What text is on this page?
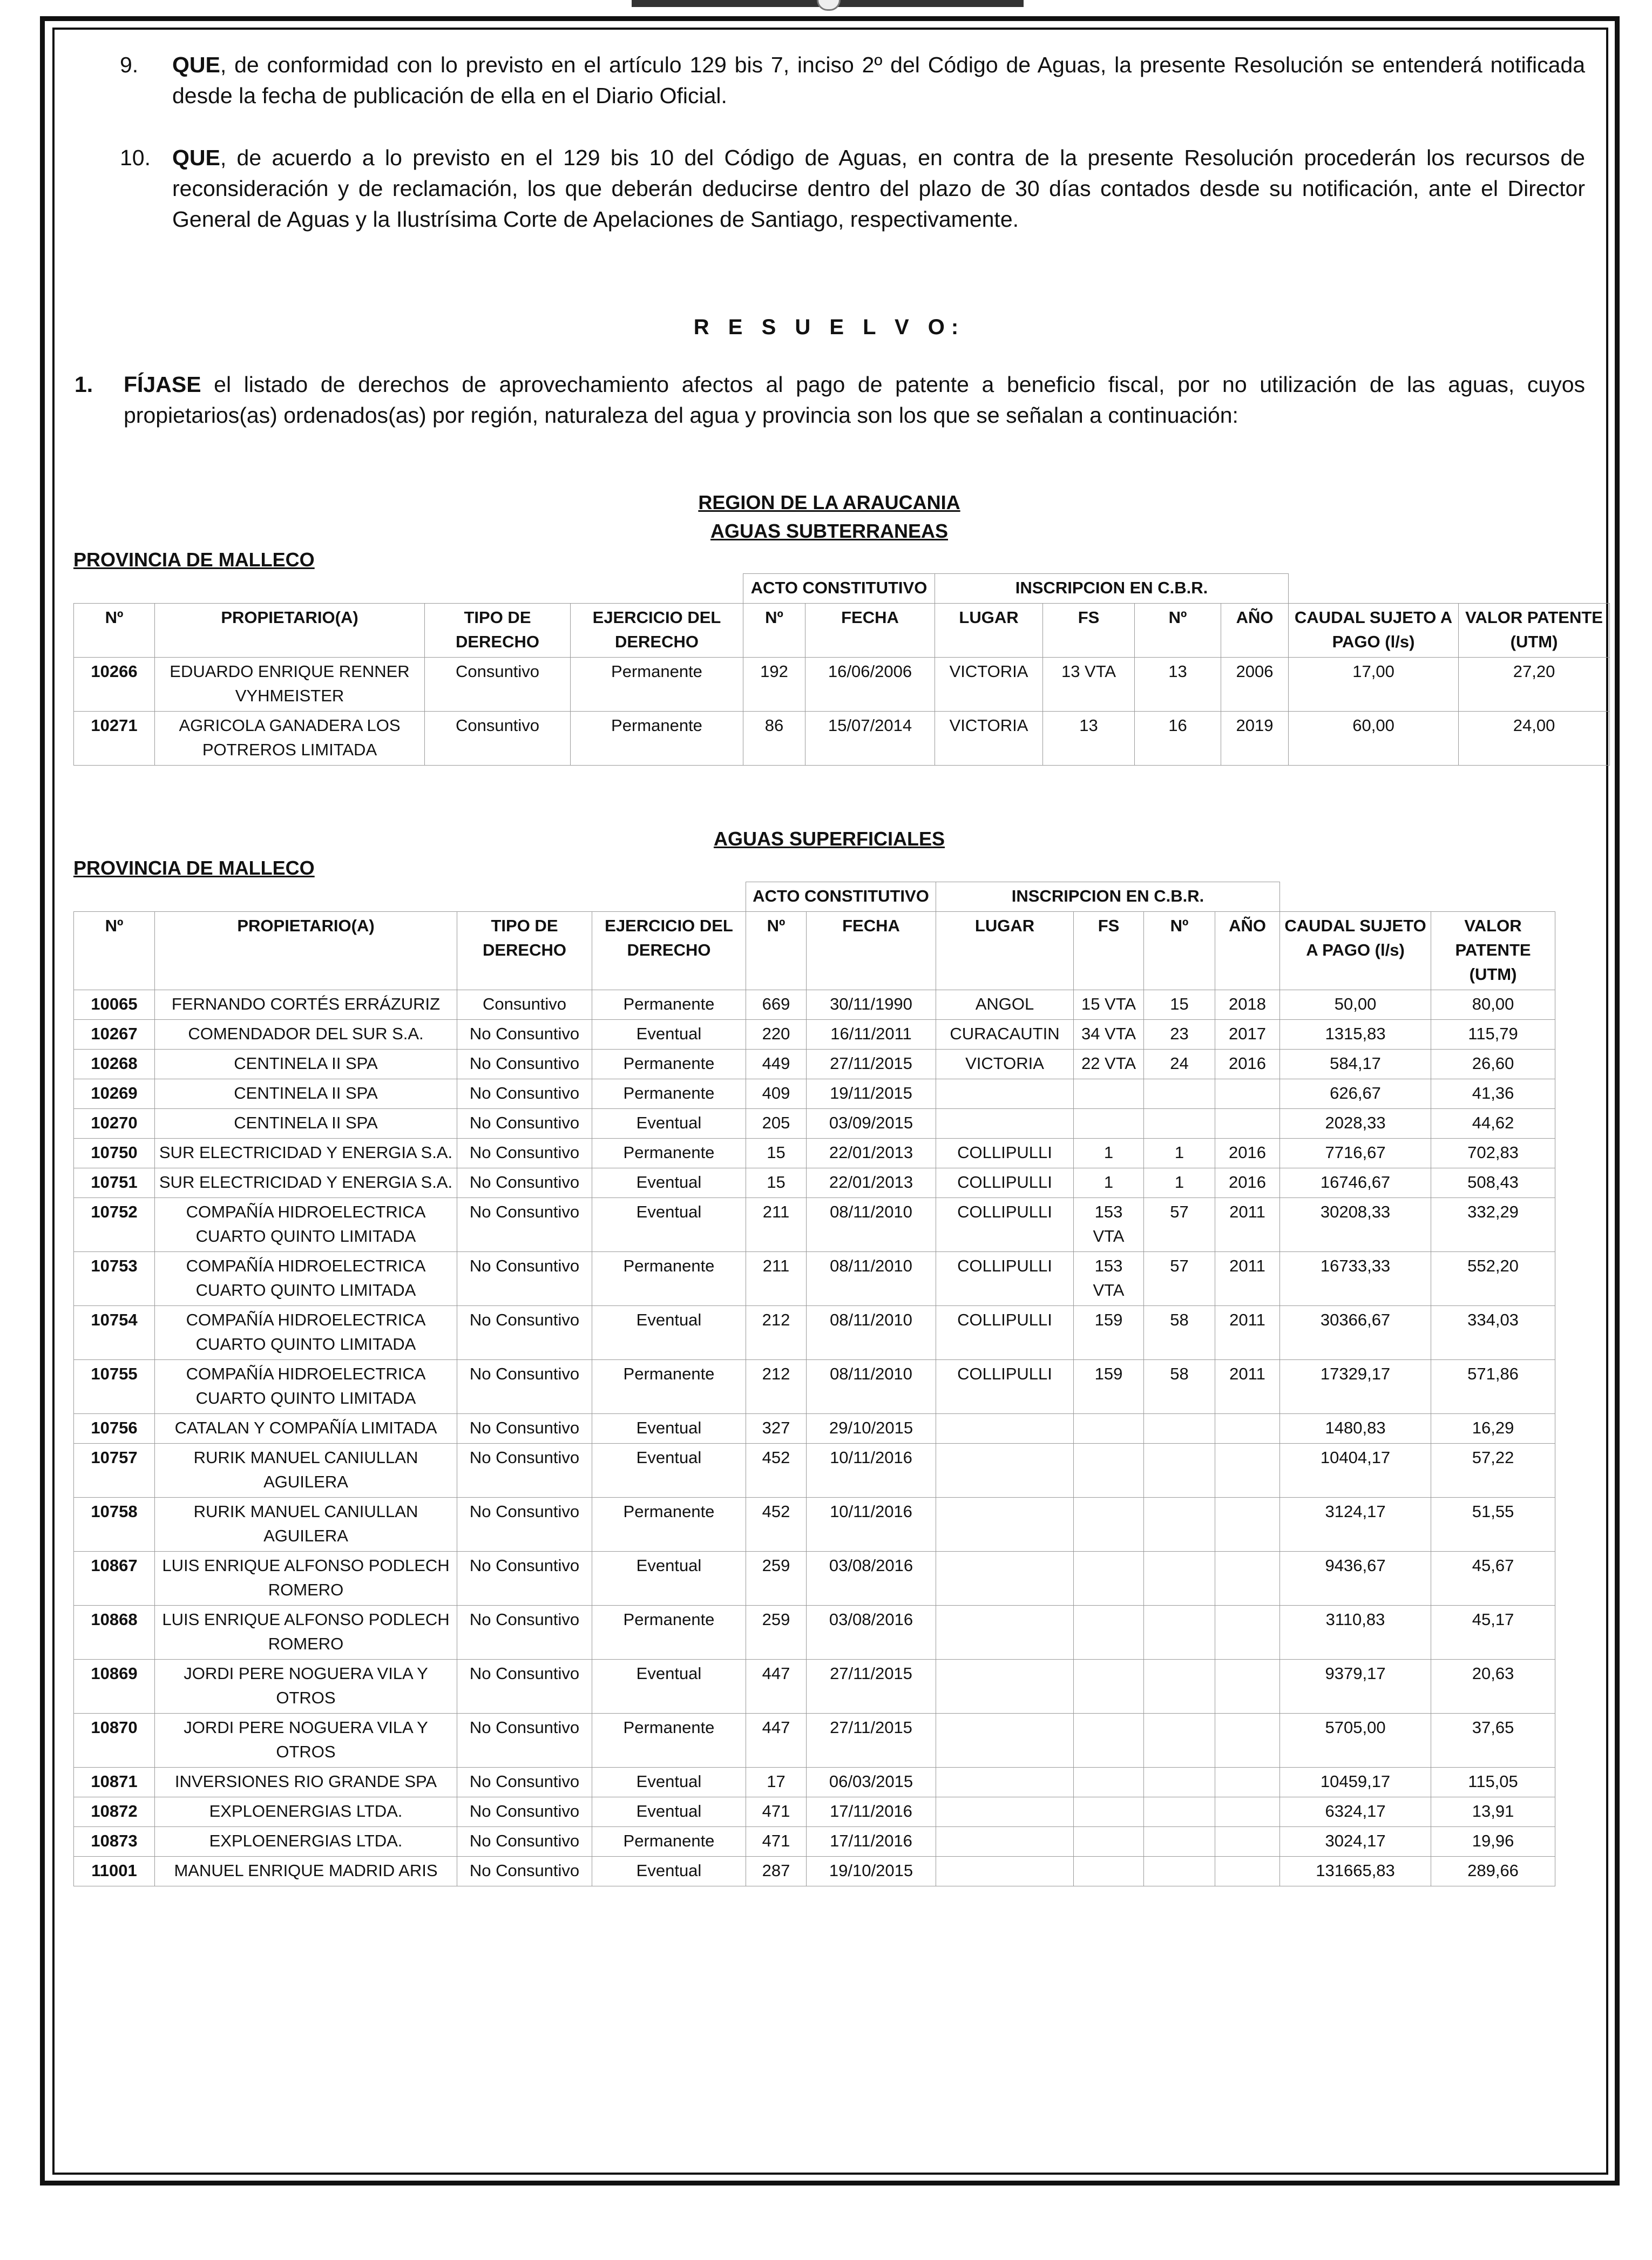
9.	QUE, de conformidad con lo previsto en el artículo 129 bis 7, inciso 2º del Código de Aguas, la presente Resolución se entenderá notificada desde la fecha de publicación de ella en el Diario Oficial.
10. QUE, de acuerdo a lo previsto en el 129 bis 10 del Código de Aguas, en contra de la presente Resolución procederán los recursos de reconsideración y de reclamación, los que deberán deducirse dentro del plazo de 30 días contados desde su notificación, ante el Director General de Aguas y la Ilustrísima Corte de Apelaciones de Santiago, respectivamente.
R E S U E L V O:
1.	FÍJASE el listado de derechos de aprovechamiento afectos al pago de patente a beneficio fiscal, por no utilización de las aguas, cuyos propietarios(as) ordenados(as) por región, naturaleza del agua y provincia son los que se señalan a continuación:
REGION DE LA ARAUCANIA
AGUAS SUBTERRANEAS
PROVINCIA DE MALLECO
				ACTO CONSTITUTIVO		INSCRIPCION EN C.B.R.					
Nº	PROPIETARIO(A)	TIPO DE DERECHO	EJERCICIO DEL DERECHO	Nº	FECHA	LUGAR	FS	Nº	AÑO	CAUDAL SUJETO A PAGO (l/s)	VALOR PATENTE (UTM)
10266	EDUARDO ENRIQUE RENNER VYHMEISTER	Consuntivo	Permanente	192	16/06/2006	VICTORIA	13 VTA	13	2006	17,00	27,20
10271	AGRICOLA GANADERA LOS POTREROS LIMITADA	Consuntivo	Permanente	86	15/07/2014	VICTORIA	13	16	2019	60,00	24,00
AGUAS SUPERFICIALES
PROVINCIA DE MALLECO
				ACTO CONSTITUTIVO		INSCRIPCION EN C.B.R.					
Nº	PROPIETARIO(A)	TIPO DE DERECHO	EJERCICIO DEL DERECHO	Nº	FECHA	LUGAR	FS	Nº	AÑO	CAUDAL SUJETO A PAGO (l/s)	VALOR PATENTE (UTM)
10065	FERNANDO CORTÉS ERRÁZURIZ	Consuntivo	Permanente	669	30/11/1990	ANGOL	15 VTA	15	2018	50,00	80,00
10267	COMENDADOR DEL SUR S.A.	No Consuntivo	Eventual	220	16/11/2011	CURACAUTIN	34 VTA	23	2017	1315,83	115,79
10268	CENTINELA II SPA	No Consuntivo	Permanente	449	27/11/2015	VICTORIA	22 VTA	24	2016	584,17	26,60
10269	CENTINELA II SPA	No Consuntivo	Permanente	409	19/11/2015					626,67	41,36
10270	CENTINELA II SPA	No Consuntivo	Eventual	205	03/09/2015					2028,33	44,62
10750	SUR ELECTRICIDAD Y ENERGIA S.A.	No Consuntivo	Permanente	15	22/01/2013	COLLIPULLI	1	1	2016	7716,67	702,83
10751	SUR ELECTRICIDAD Y ENERGIA S.A.	No Consuntivo	Eventual	15	22/01/2013	COLLIPULLI	1	1	2016	16746,67	508,43
10752	COMPAÑÍA HIDROELECTRICA CUARTO QUINTO LIMITADA	No Consuntivo	Eventual	211	08/11/2010	COLLIPULLI	153 VTA	57	2011	30208,33	332,29
10753	COMPAÑÍA HIDROELECTRICA CUARTO QUINTO LIMITADA	No Consuntivo	Permanente	211	08/11/2010	COLLIPULLI	153 VTA	57	2011	16733,33	552,20
10754	COMPAÑÍA HIDROELECTRICA CUARTO QUINTO LIMITADA	No Consuntivo	Eventual	212	08/11/2010	COLLIPULLI	159	58	2011	30366,67	334,03
10755	COMPAÑÍA HIDROELECTRICA CUARTO QUINTO LIMITADA	No Consuntivo	Permanente	212	08/11/2010	COLLIPULLI	159	58	2011	17329,17	571,86
10756	CATALAN Y COMPAÑÍA LIMITADA	No Consuntivo	Eventual	327	29/10/2015					1480,83	16,29
10757	RURIK MANUEL CANIULLAN AGUILERA	No Consuntivo	Eventual	452	10/11/2016					10404,17	57,22
10758	RURIK MANUEL CANIULLAN AGUILERA	No Consuntivo	Permanente	452	10/11/2016					3124,17	51,55
10867	LUIS ENRIQUE ALFONSO PODLECH ROMERO	No Consuntivo	Eventual	259	03/08/2016					9436,67	45,67
10868	LUIS ENRIQUE ALFONSO PODLECH ROMERO	No Consuntivo	Permanente	259	03/08/2016					3110,83	45,17
10869	JORDI PERE NOGUERA VILA Y OTROS	No Consuntivo	Eventual	447	27/11/2015					9379,17	20,63
10870	JORDI PERE NOGUERA VILA Y OTROS	No Consuntivo	Permanente	447	27/11/2015					5705,00	37,65
10871	INVERSIONES RIO GRANDE SPA	No Consuntivo	Eventual	17	06/03/2015					10459,17	115,05
10872	EXPLOENERGIAS LTDA.	No Consuntivo	Eventual	471	17/11/2016					6324,17	13,91
10873	EXPLOENERGIAS LTDA.	No Consuntivo	Permanente	471	17/11/2016					3024,17	19,96
11001	MANUEL ENRIQUE MADRID ARIS	No Consuntivo	Eventual	287	19/10/2015					131665,83	289,66
